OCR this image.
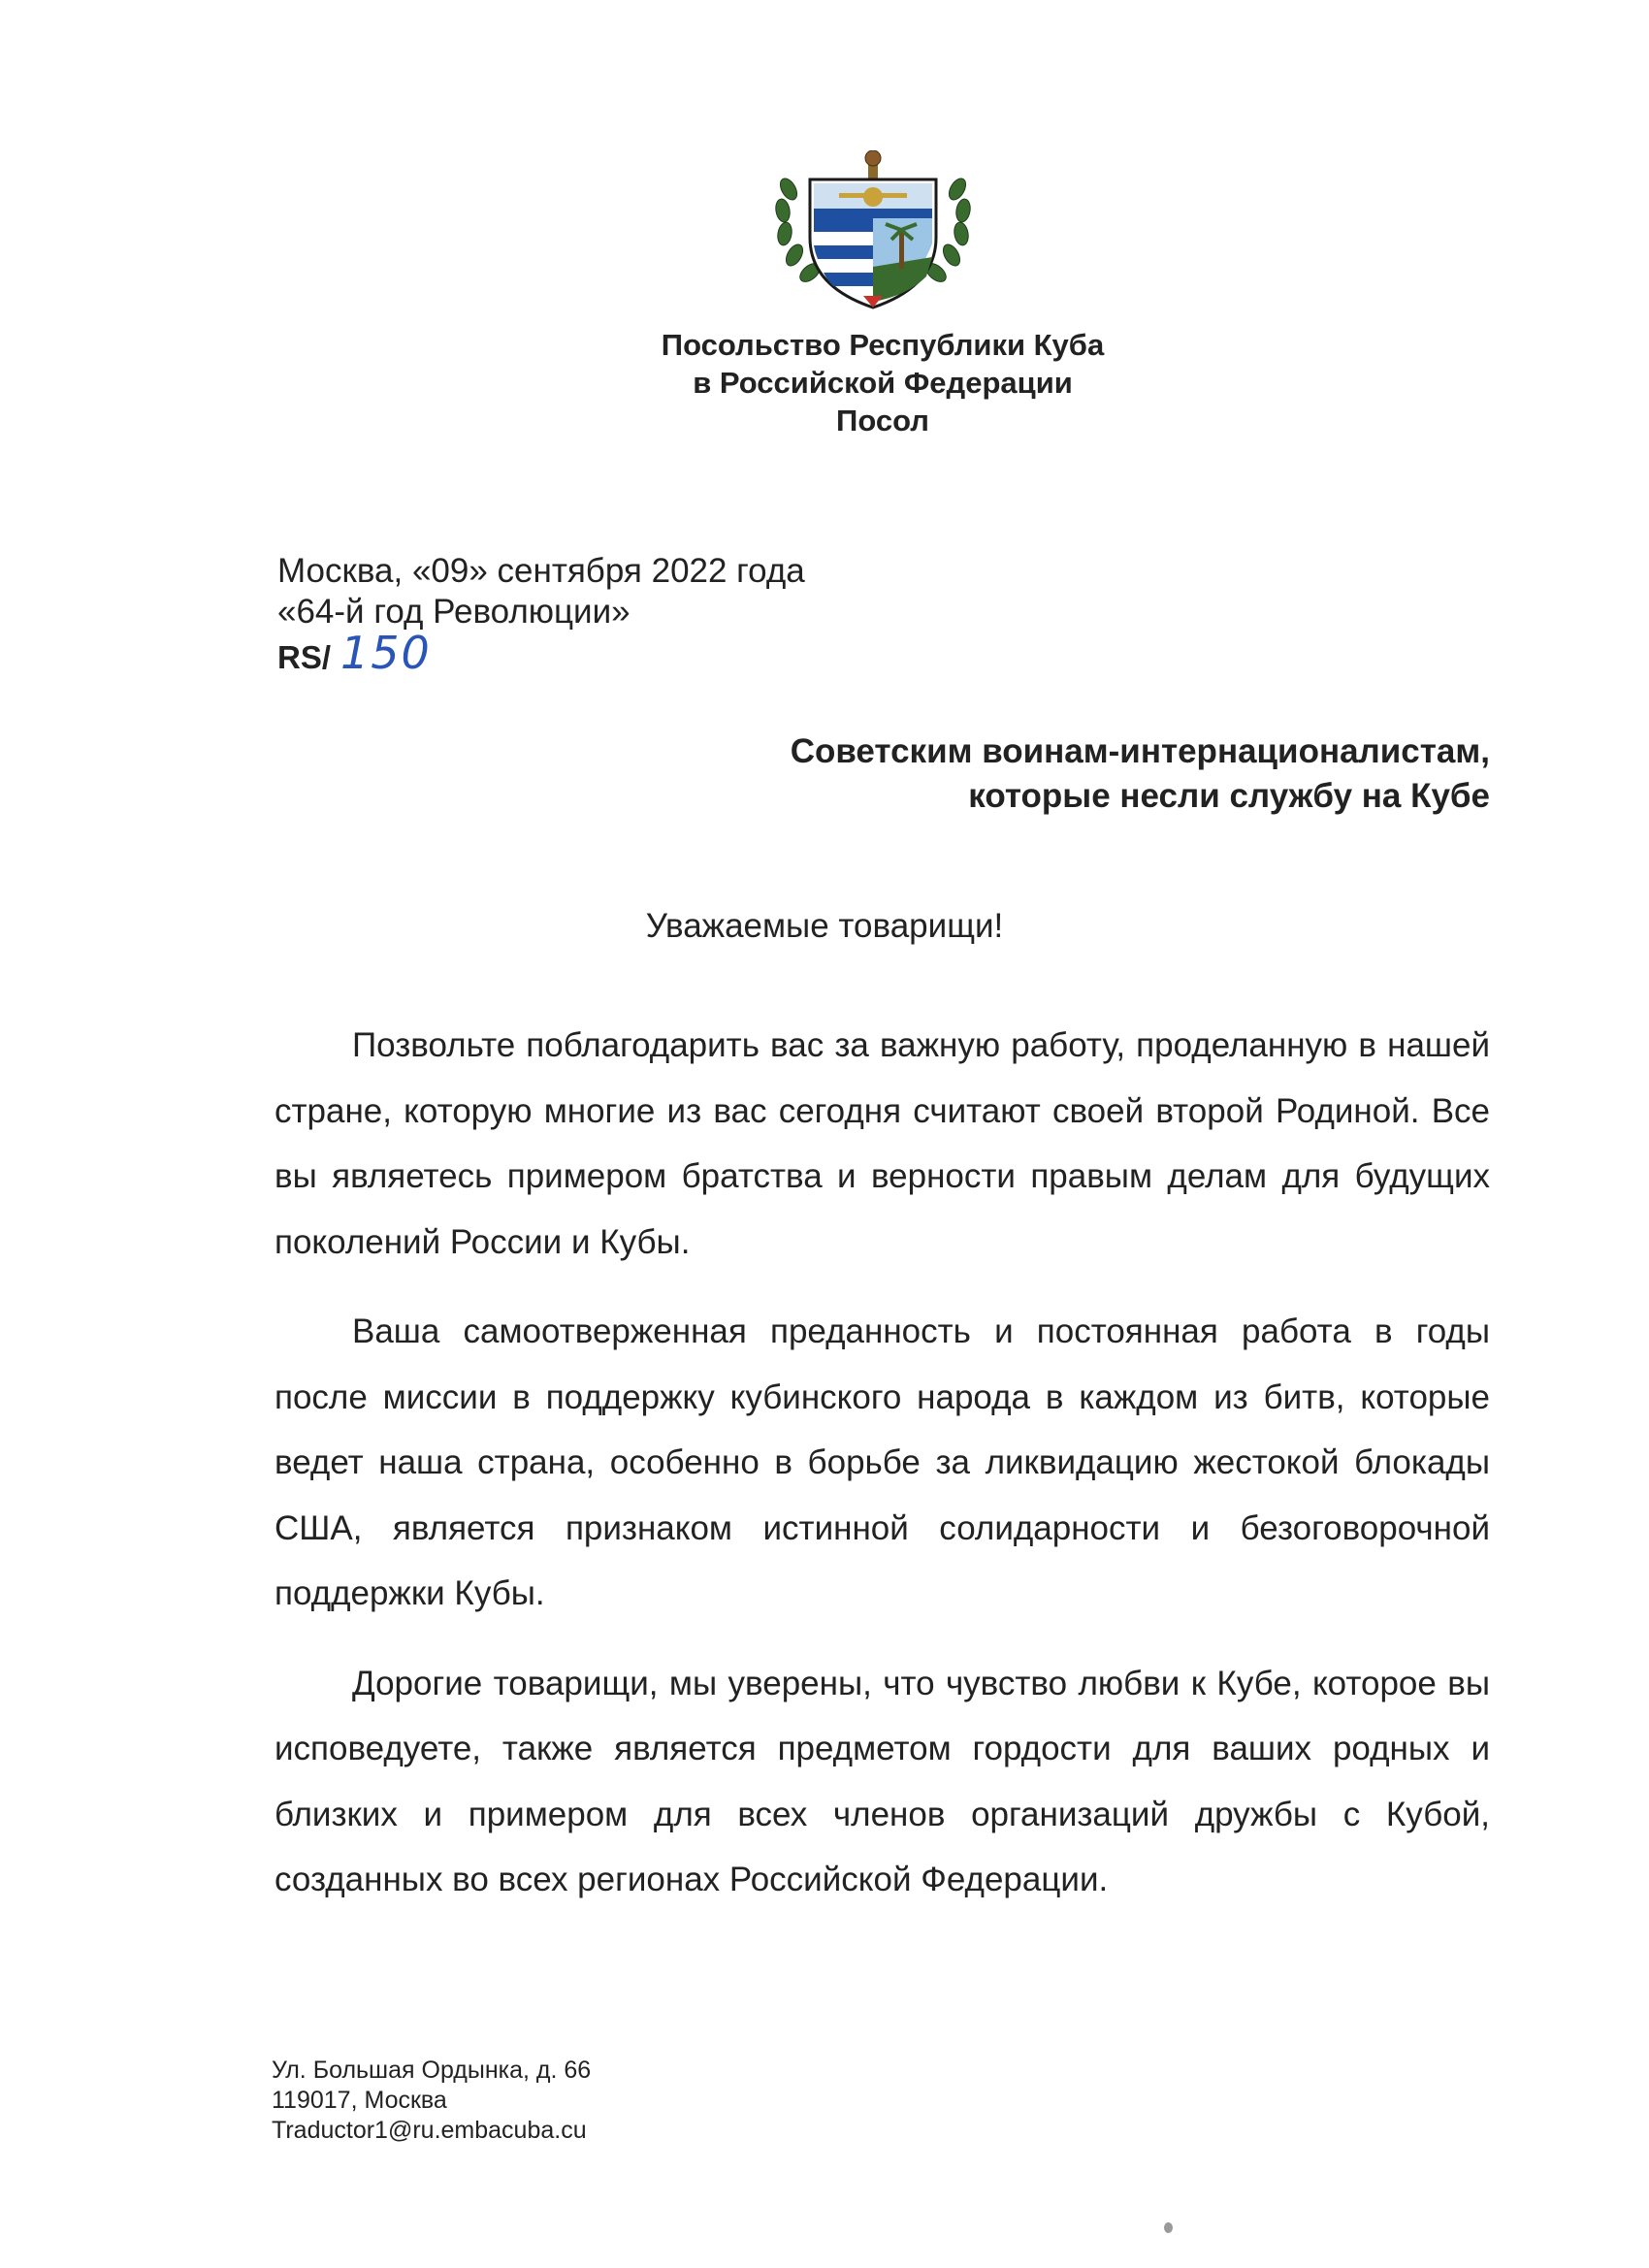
Посольство Республики Куба
в Российской Федерации
Посол
Москва, «09» сентября 2022 года
«64-й год Революции»
RS/ 150
Советским воинам-интернационалистам,
которые несли службу на Кубе
Уважаемые товарищи!

Позвольте поблагодарить вас за важную работу, проделанную в нашей стране, которую многие из вас сегодня считают своей второй Родиной. Все вы являетесь примером братства и верности правым делам для будущих поколений России и Кубы.

Ваша самоотверженная преданность и постоянная работа в годы после миссии в поддержку кубинского народа в каждом из битв, которые ведет наша страна, особенно в борьбе за ликвидацию жестокой блокады США, является признаком истинной солидарности и безоговорочной поддержки Кубы.

Дорогие товарищи, мы уверены, что чувство любви к Кубе, которое вы исповедуете, также является предметом гордости для ваших родных и близких и примером для всех членов организаций дружбы с Кубой, созданных во всех регионах Российской Федерации.

Ул. Большая Ордынка, д. 66
119017, Москва
Traductor1@ru.embacuba.cu
